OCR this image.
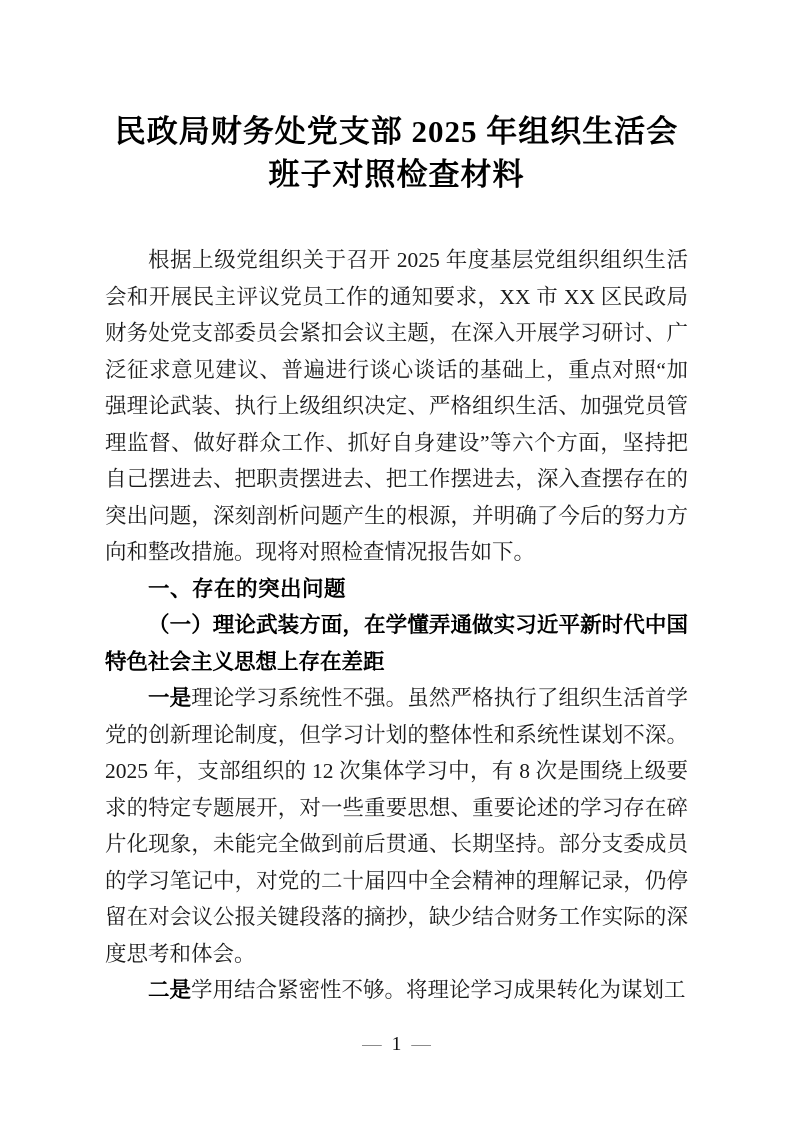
民政局财务处党支部 2025 年组织生活会
班子对照检查材料

根据上级党组织关于召开 2025 年度基层党组织组织生活会和开展民主评议党员工作的通知要求，XX 市 XX 区民政局财务处党支部委员会紧扣会议主题，在深入开展学习研讨、广泛征求意见建议、普遍进行谈心谈话的基础上，重点对照“加强理论武装、执行上级组织决定、严格组织生活、加强党员管理监督、做好群众工作、抓好自身建设”等六个方面，坚持把自己摆进去、把职责摆进去、把工作摆进去，深入查摆存在的突出问题，深刻剖析问题产生的根源，并明确了今后的努力方向和整改措施。现将对照检查情况报告如下。

一、存在的突出问题
（一）理论武装方面，在学懂弄通做实习近平新时代中国特色社会主义思想上存在差距

一是理论学习系统性不强。虽然严格执行了组织生活首学党的创新理论制度，但学习计划的整体性和系统性谋划不深。2025 年，支部组织的 12 次集体学习中，有 8 次是围绕上级要求的特定专题展开，对一些重要思想、重要论述的学习存在碎片化现象，未能完全做到前后贯通、长期坚持。部分支委成员的学习笔记中，对党的二十届四中全会精神的理解记录，仍停留在对会议公报关键段落的摘抄，缺少结合财务工作实际的深度思考和体会。

二是学用结合紧密性不够。将理论学习成果转化为谋划工

— 1 —
